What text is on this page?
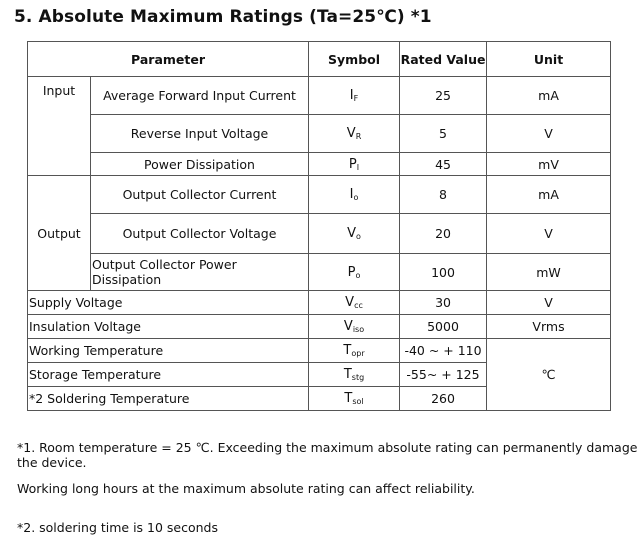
5. Absolute Maximum Ratings (Ta=25℃) *1
Parameter		Symbol	Rated Value	Unit
Input	Average Forward Input Current	$I_F$	25	mA
	Reverse Input Voltage	$V_R$	5	V
	Power Dissipation	$P_I$	45	mV
Output	Output Collector Current	$I_o$	8	mA
	Output Collector Voltage	$V_o$	20	V
	Output Collector Power Dissipation	$P_o$	100	mW
Supply Voltage		$V_{cc}$	30	V
Insulation Voltage		$V_{iso}$	5000	Vrms
Working Temperature		$T_{opr}$	-40 ~ + 110	℃
Storage Temperature		$T_{stg}$	-55~ + 125	
*2 Soldering Temperature		$T_{sol}$	260	
*1. Room temperature = 25 ℃. Exceeding the maximum absolute rating can permanently damage the device.
Working long hours at the maximum absolute rating can affect reliability.
*2. soldering time is 10 seconds
